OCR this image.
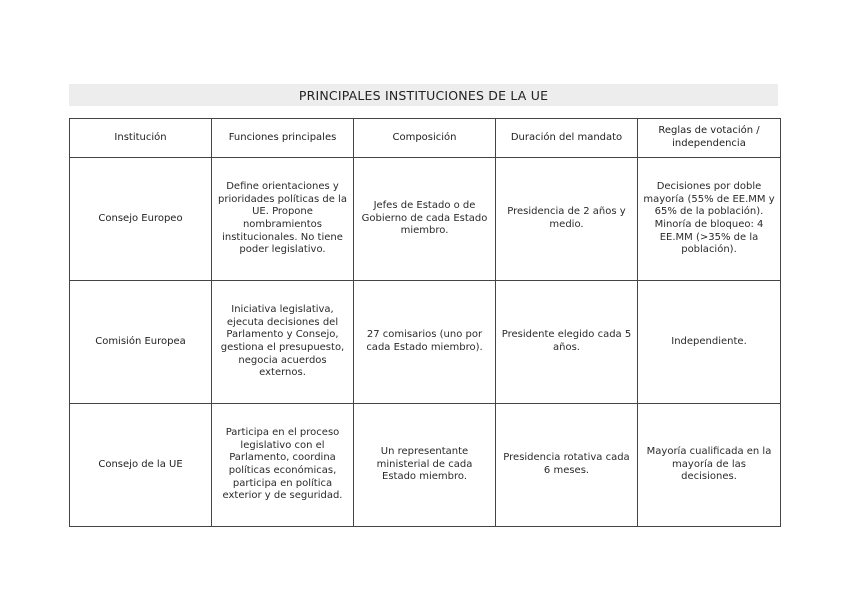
PRINCIPALES INSTITUCIONES DE LA UE
Institución	Funciones principales	Composición	Duración del mandato	Reglas de votación / independencia
Consejo Europeo	Define orientaciones y prioridades políticas de la UE. Propone nombramientos institucionales. No tiene poder legislativo.	Jefes de Estado o de Gobierno de cada Estado miembro.	Presidencia de 2 años y medio.	Decisiones por doble mayoría (55% de EE.MM y 65% de la población). Minoría de bloqueo: 4 EE.MM (>35% de la población).
Comisión Europea	Iniciativa legislativa, ejecuta decisiones del Parlamento y Consejo, gestiona el presupuesto, negocia acuerdos externos.	27 comisarios (uno por cada Estado miembro).	Presidente elegido cada 5 años.	Independiente.
Consejo de la UE	Participa en el proceso legislativo con el Parlamento, coordina políticas económicas, participa en política exterior y de seguridad.	Un representante ministerial de cada Estado miembro.	Presidencia rotativa cada 6 meses.	Mayoría cualificada en la mayoría de las decisiones.
